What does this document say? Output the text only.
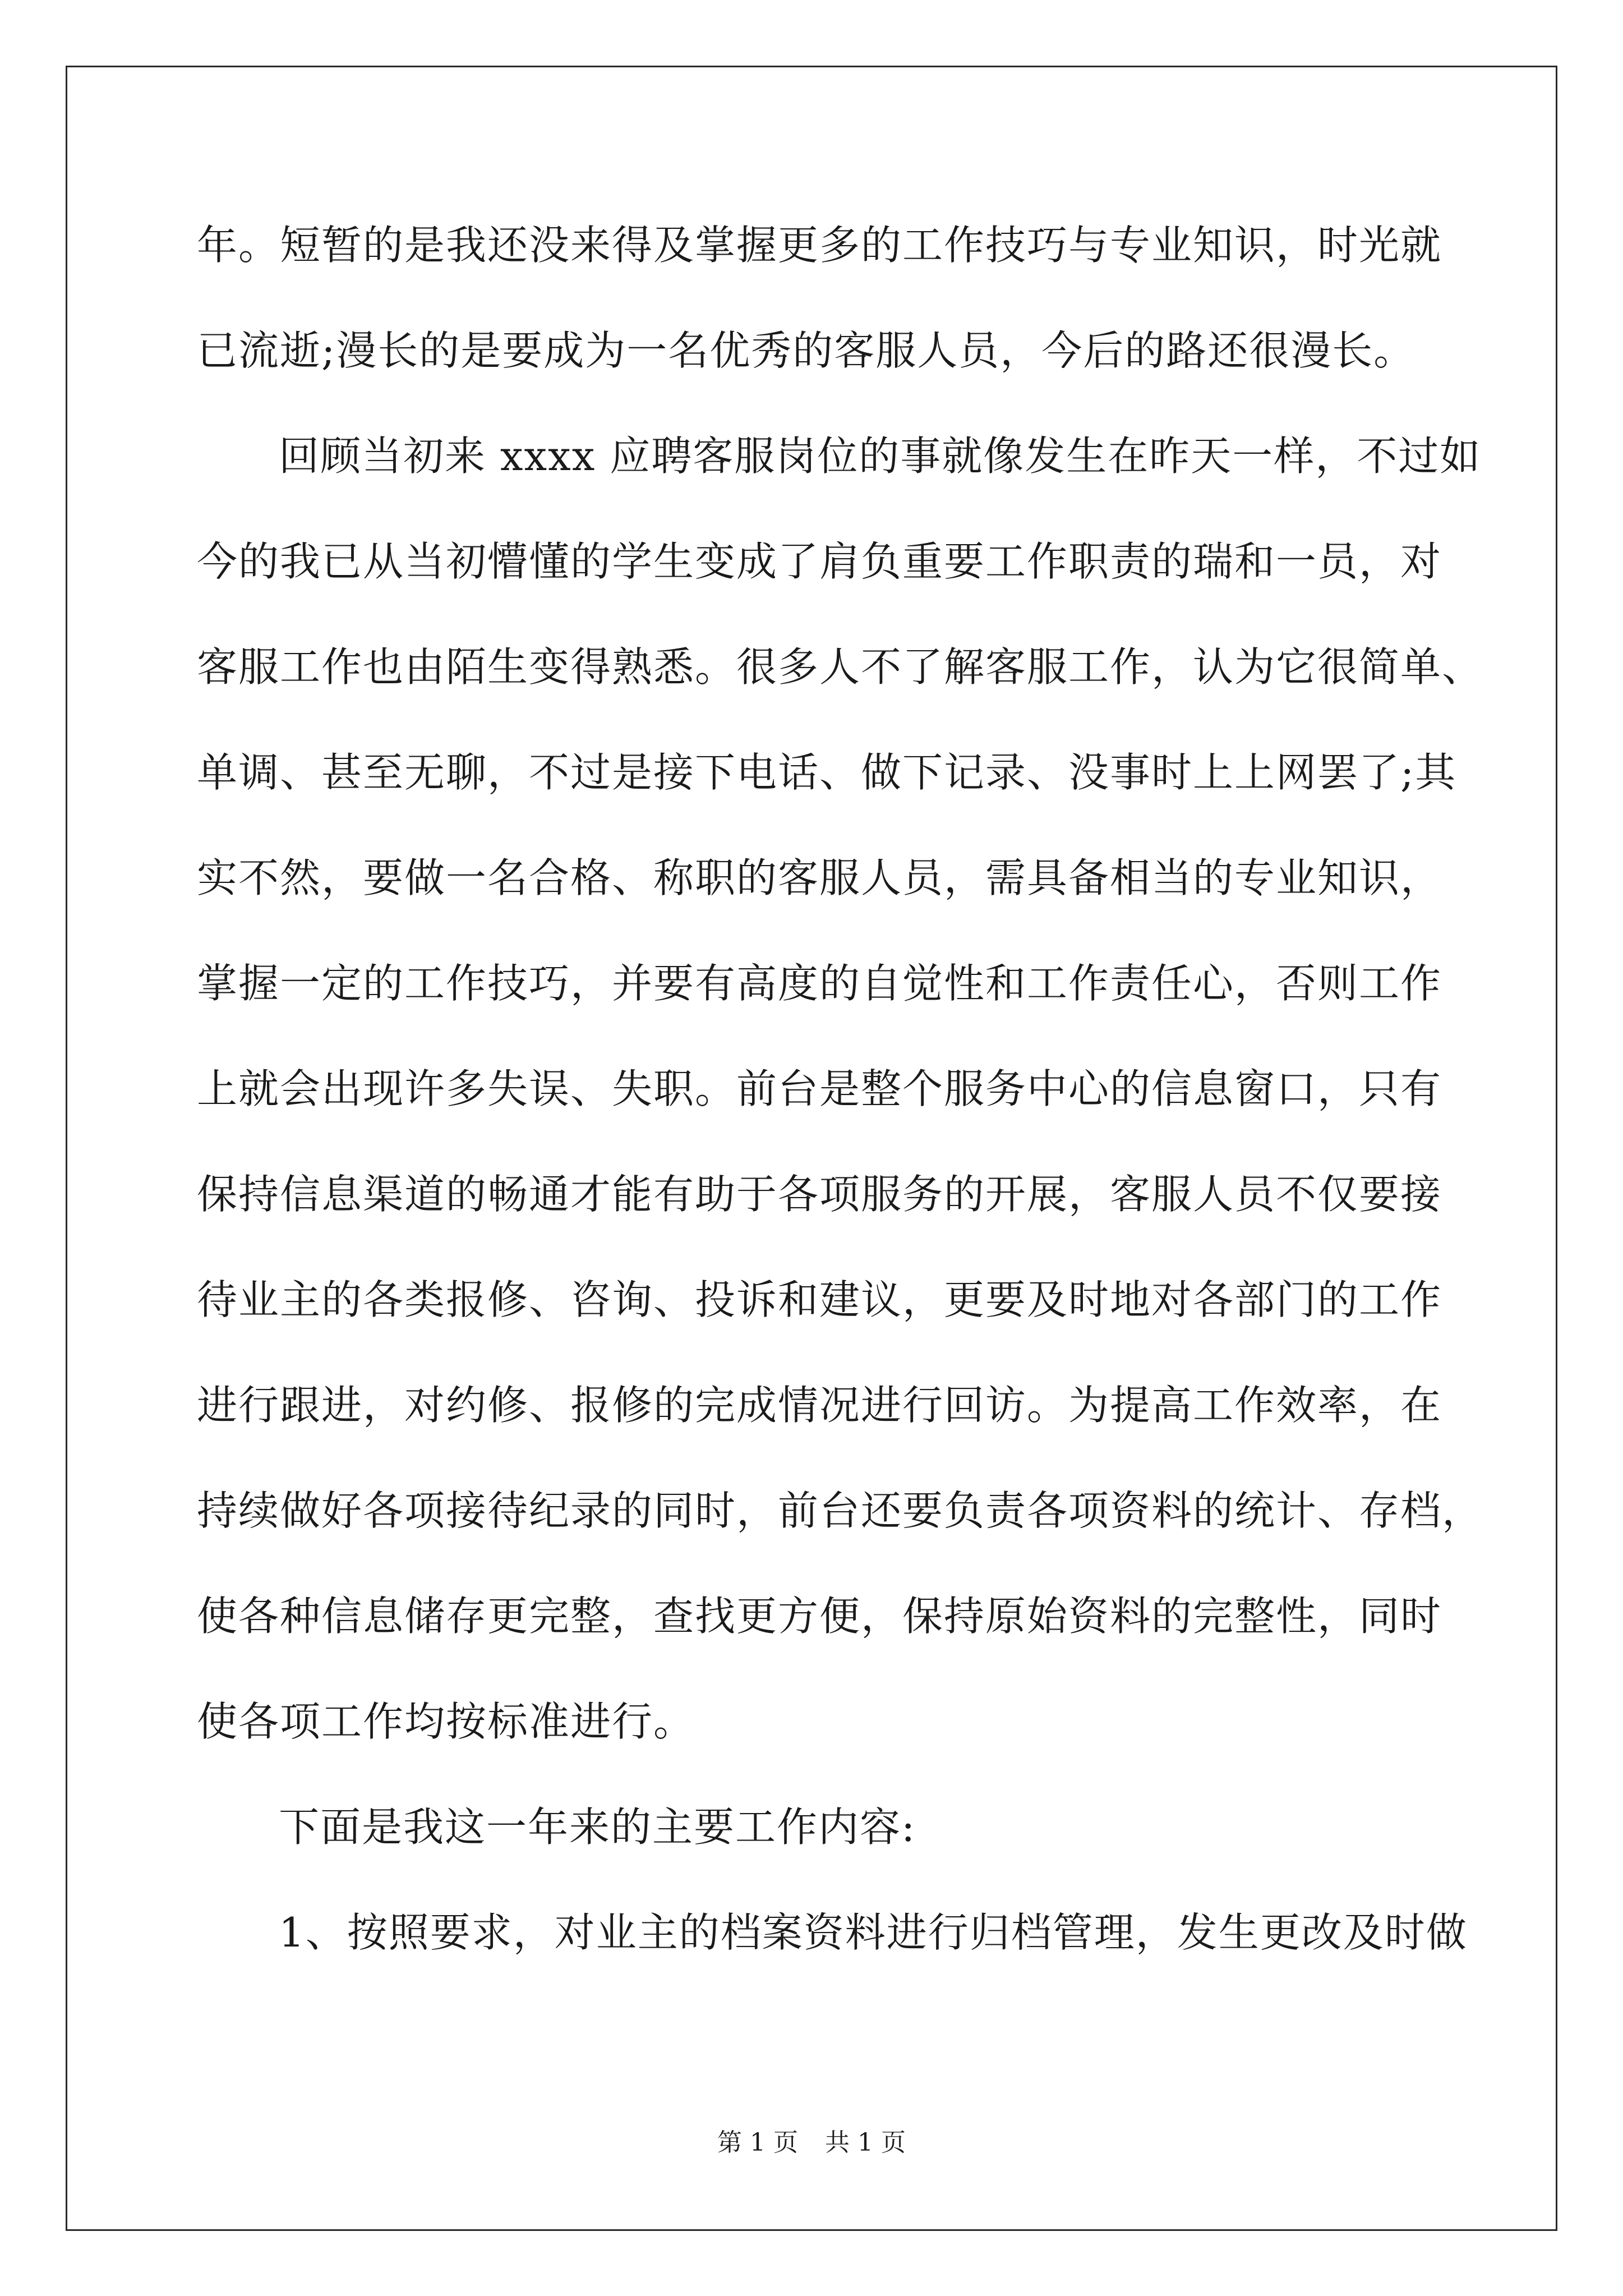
年。短暂的是我还没来得及掌握更多的工作技巧与专业知识，时光就
已流逝;漫长的是要成为一名优秀的客服人员，今后的路还很漫长。
回顾当初来 xxxx 应聘客服岗位的事就像发生在昨天一样，不过如
今的我已从当初懵懂的学生变成了肩负重要工作职责的瑞和一员，对
客服工作也由陌生变得熟悉。很多人不了解客服工作，认为它很简单、
单调、甚至无聊，不过是接下电话、做下记录、没事时上上网罢了;其
实不然，要做一名合格、称职的客服人员，需具备相当的专业知识，
掌握一定的工作技巧，并要有高度的自觉性和工作责任心，否则工作
上就会出现许多失误、失职。前台是整个服务中心的信息窗口，只有
保持信息渠道的畅通才能有助于各项服务的开展，客服人员不仅要接
待业主的各类报修、咨询、投诉和建议，更要及时地对各部门的工作
进行跟进，对约修、报修的完成情况进行回访。为提高工作效率，在
持续做好各项接待纪录的同时，前台还要负责各项资料的统计、存档，
使各种信息储存更完整，查找更方便，保持原始资料的完整性，同时
使各项工作均按标准进行。
下面是我这一年来的主要工作内容:
1、按照要求，对业主的档案资料进行归档管理，发生更改及时做
第 1 页 共 1 页
